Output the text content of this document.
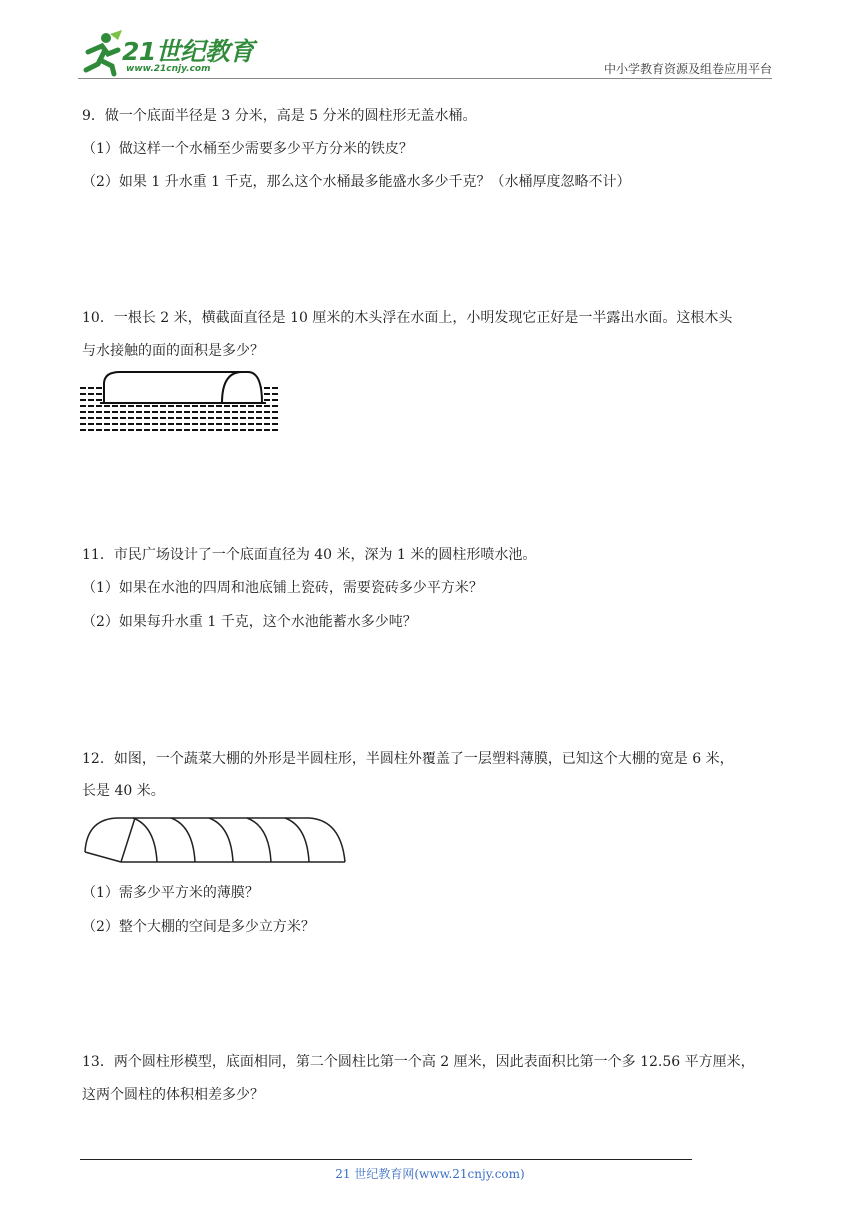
21世纪教育
www.21cnjy.com	中小学教育资源及组卷应用平台
9．做一个底面半径是 3 分米，高是 5 分米的圆柱形无盖水桶。
（1）做这样一个水桶至少需要多少平方分米的铁皮？
（2）如果 1 升水重 1 千克，那么这个水桶最多能盛水多少千克？（水桶厚度忽略不计）
10．一根长 2 米，横截面直径是 10 厘米的木头浮在水面上，小明发现它正好是一半露出水面。这根木头
与水接触的面的面积是多少？
11．市民广场设计了一个底面直径为 40 米，深为 1 米的圆柱形喷水池。
（1）如果在水池的四周和池底铺上瓷砖，需要瓷砖多少平方米？
（2）如果每升水重 1 千克，这个水池能蓄水多少吨？
12．如图，一个蔬菜大棚的外形是半圆柱形，半圆柱外覆盖了一层塑料薄膜，已知这个大棚的宽是 6 米，
长是 40 米。
（1）需多少平方米的薄膜？
（2）整个大棚的空间是多少立方米？
13．两个圆柱形模型，底面相同，第二个圆柱比第一个高 2 厘米，因此表面积比第一个多 12.56 平方厘米，
这两个圆柱的体积相差多少？
21 世纪教育网(www.21cnjy.com)
